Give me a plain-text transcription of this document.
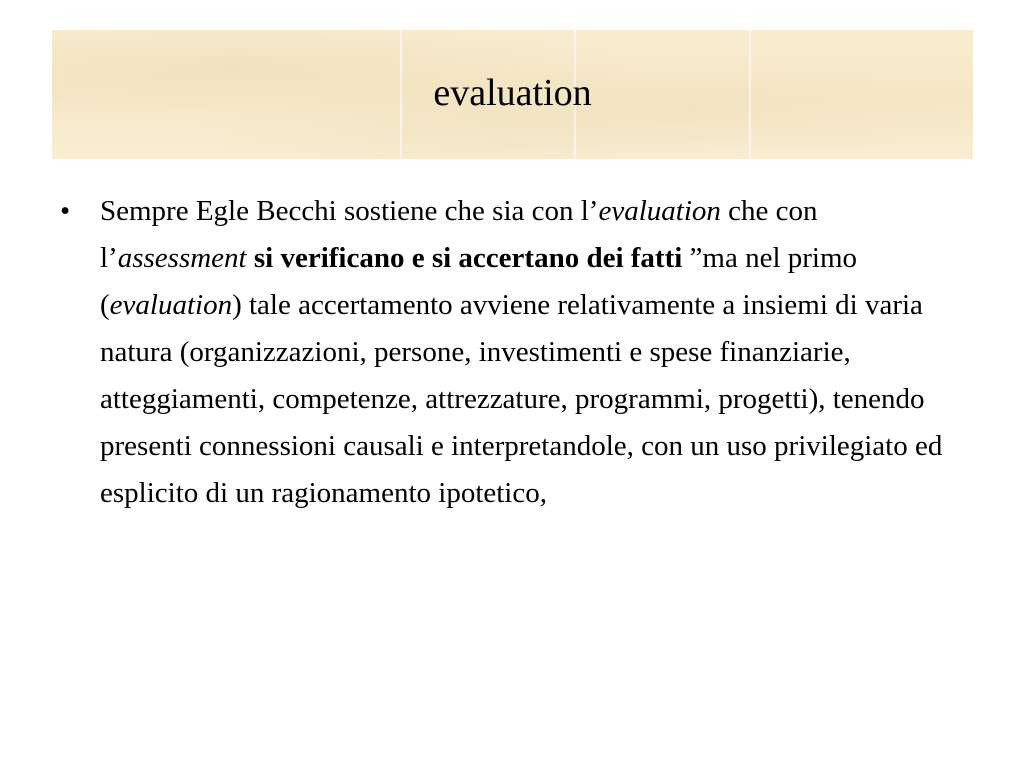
evaluation
• Sempre Egle Becchi sostiene che sia con l’evaluation che con l’assessment si verificano e si accertano dei fatti ”ma nel primo (evaluation) tale accertamento avviene relativamente a insiemi di varia natura (organizzazioni, persone, investimenti e spese finanziarie, atteggiamenti, competenze, attrezzature, programmi, progetti), tenendo presenti connessioni causali e interpretandole, con un uso privilegiato ed esplicito di un ragionamento ipotetico,
